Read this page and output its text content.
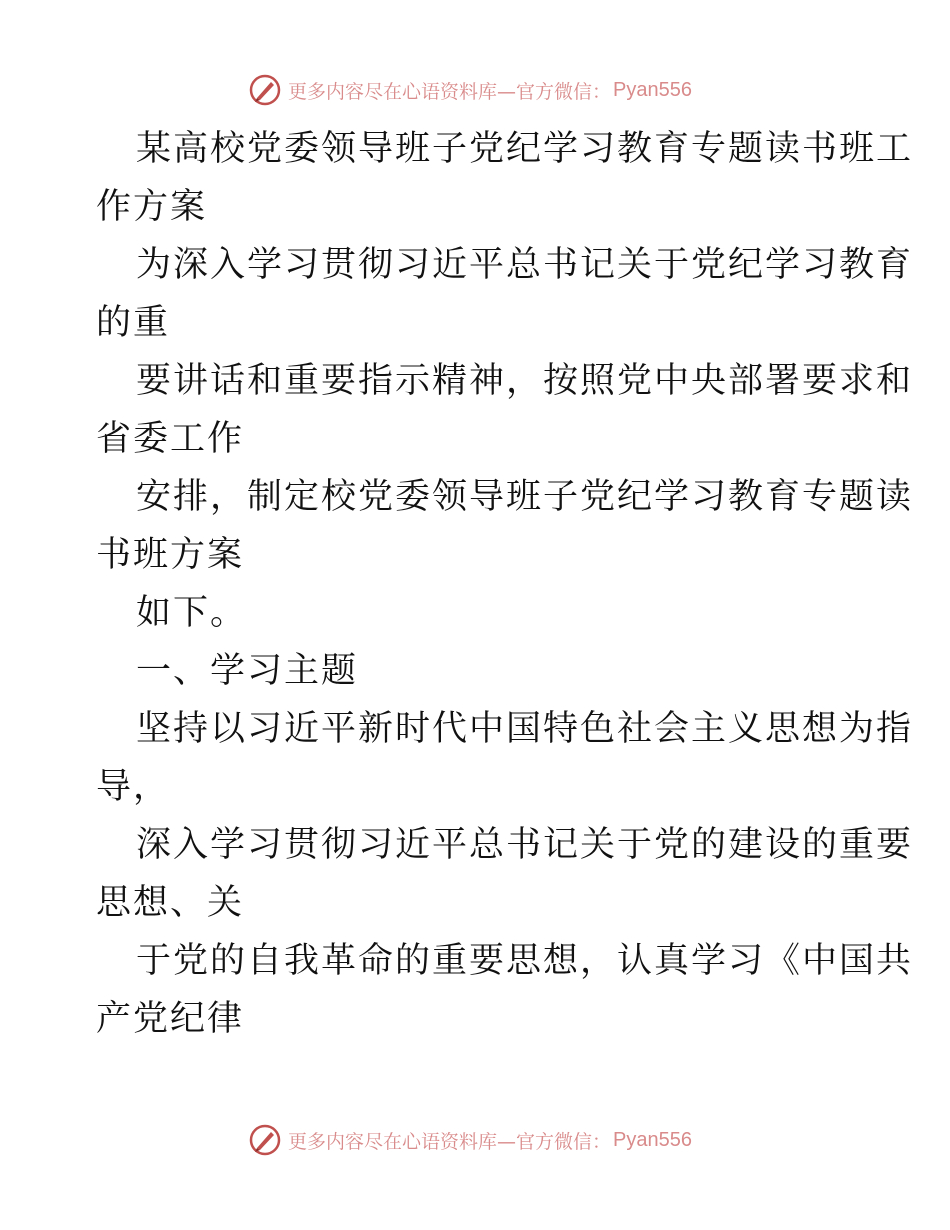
更多内容尽在心语资料库—官方微信： Pyan556
某高校党委领导班子党纪学习教育专题读书班工
作方案
为深入学习贯彻习近平总书记关于党纪学习教育
的重
要讲话和重要指示精神，按照党中央部署要求和
省委工作
安排，制定校党委领导班子党纪学习教育专题读
书班方案
如下。
一、学习主题
坚持以习近平新时代中国特色社会主义思想为指
导，
深入学习贯彻习近平总书记关于党的建设的重要
思想、关
于党的自我革命的重要思想，认真学习《中国共
产党纪律
更多内容尽在心语资料库—官方微信： Pyan556
